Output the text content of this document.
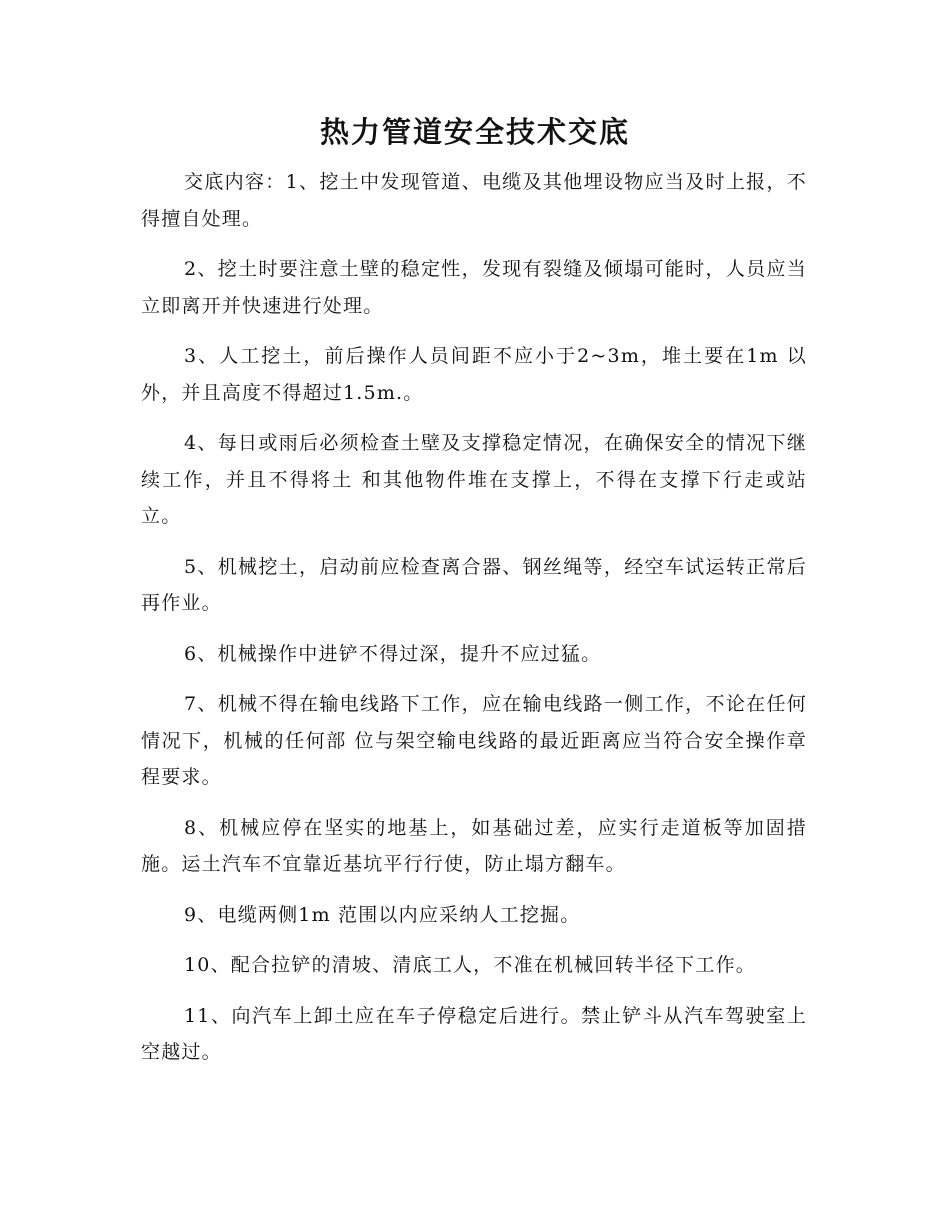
热力管道安全技术交底

交底内容：1、挖土中发现管道、电缆及其他埋设物应当及时上报，不得擅自处理。

2、挖土时要注意土壁的稳定性，发现有裂缝及倾塌可能时，人员应当立即离开并快速进行处理。

3、人工挖土，前后操作人员间距不应小于2~3m，堆土要在1m 以外，并且高度不得超过1.5m.。

4、每日或雨后必须检查土壁及支撑稳定情况，在确保安全的情况下继续工作，并且不得将土 和其他物件堆在支撑上，不得在支撑下行走或站立。

5、机械挖土，启动前应检查离合器、钢丝绳等，经空车试运转正常后再作业。

6、机械操作中进铲不得过深，提升不应过猛。

7、机械不得在输电线路下工作，应在输电线路一侧工作，不论在任何情况下，机械的任何部 位与架空输电线路的最近距离应当符合安全操作章程要求。

8、机械应停在坚实的地基上，如基础过差，应实行走道板等加固措施。运土汽车不宜靠近基坑平行行使，防止塌方翻车。

9、电缆两侧1m 范围以内应采纳人工挖掘。

10、配合拉铲的清坡、清底工人，不准在机械回转半径下工作。

11、向汽车上卸土应在车子停稳定后进行。禁止铲斗从汽车驾驶室上空越过。
